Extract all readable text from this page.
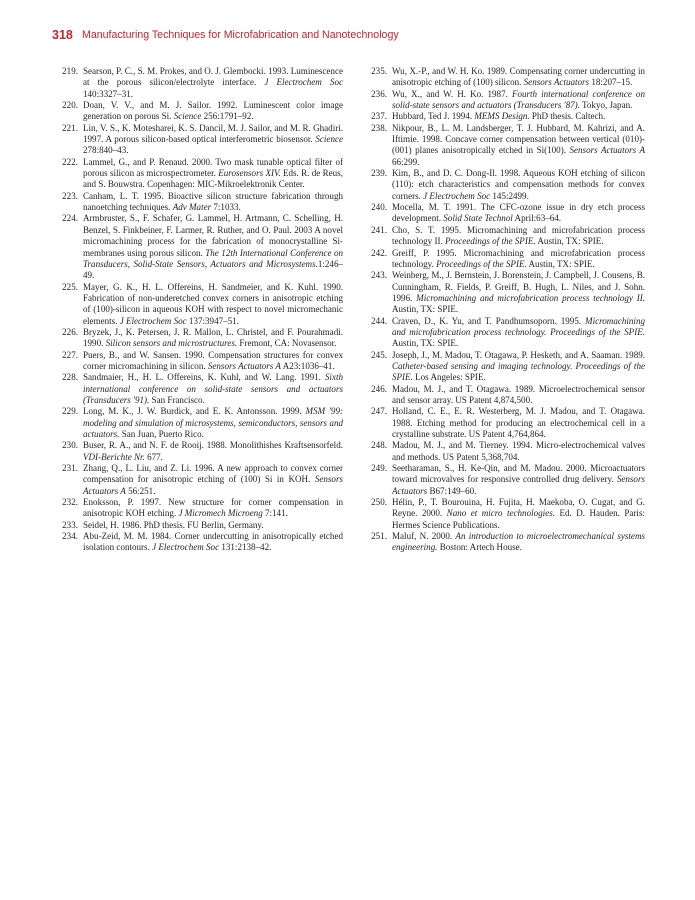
318 Manufacturing Techniques for Microfabrication and Nanotechnology
219. Searson, P. C., S. M. Prokes, and O. J. Glembocki. 1993. Luminescence at the porous silicon/electrolyte interface. J Electrochem Soc 140:3327–31.
220. Doan, V. V., and M. J. Sailor. 1992. Luminescent color image generation on porous Si. Science 256:1791–92.
221. Lin, V. S., K. Motesharei, K. S. Dancil, M. J. Sailor, and M. R. Ghadiri. 1997. A porous silicon-based optical interferometric biosensor. Science 278:840–43.
222. Lammel, G., and P. Renaud. 2000. Two mask tunable optical filter of porous silicon as microspectrometer. Eurosensors XIV. Eds. R. de Reus, and S. Bouwstra. Copenhagen: MIC-Mikroelektronik Center.
223. Canham, L. T. 1995. Bioactive silicon structure fabrication through nanoetching techniques. Adv Mater 7:1033.
224. Armbruster, S., F. Schafer, G. Lammel, H. Artmann, C. Schelling, H. Benzel, S. Finkbeiner, F. Larmer, R. Ruther, and O. Paul. 2003 A novel micromachining process for the fabrication of monocrystalline Si-membranes using porous silicon. The 12th International Conference on Transducers, Solid-State Sensors, Actuators and Microsystems.1:246–49.
225. Mayer, G. K., H. L. Offereins, H. Sandmeier, and K. Kuhl. 1990. Fabrication of non-underetched convex corners in anisotropic etching of (100)-silicon in aqueous KOH with respect to novel micromechanic elements. J Electrochem Soc 137:3947–51.
226. Bryzek, J., K. Petersen, J. R. Mallon, L. Christel, and F. Pourahmadi. 1990. Silicon sensors and microstructures. Fremont, CA: Novasensor.
227. Puers, B., and W. Sansen. 1990. Compensation structures for convex corner micromachining in silicon. Sensors Actuators A A23:1036–41.
228. Sandmaier, H., H. L. Offereins, K. Kuhl, and W. Lang. 1991. Sixth international conference on solid-state sensors and actuators (Transducers '91). San Francisco.
229. Long, M. K., J. W. Burdick, and E. K. Antonsson. 1999. MSM '99: modeling and simulation of microsystems, semiconductors, sensors and actuators. San Juan, Puerto Rico.
230. Buser, R. A., and N. F. de Rooij. 1988. Monolithishes Kraftsensorfeld. VDI-Berichte Nr. 677.
231. Zhang, Q., L. Liu, and Z. Li. 1996. A new approach to convex corner compensation for anisotropic etching of (100) Si in KOH. Sensors Actuators A 56:251.
232. Enoksson, P. 1997. New structure for corner compensation in anisotropic KOH etching. J Micromech Microeng 7:141.
233. Seidel, H. 1986. PhD thesis. FU Berlin, Germany.
234. Abu-Zeid, M. M. 1984. Corner undercutting in anisotropically etched isolation contours. J Electrochem Soc 131:2138–42.
235. Wu, X.-P., and W. H. Ko. 1989. Compensating corner undercutting in anisotropic etching of (100) silicon. Sensors Actuators 18:207–15.
236. Wu, X., and W. H. Ko. 1987. Fourth international conference on solid-state sensors and actuators (Transducers '87). Tokyo, Japan.
237. Hubbard, Ted J. 1994. MEMS Design. PhD thesis. Caltech.
238. Nikpour, B., L. M. Landsberger, T. J. Hubbard, M. Kahrizi, and A. Iftimie. 1998. Concave corner compensation between vertical (010)-(001) planes anisotropically etched in Si(100). Sensors Actuators A 66:299.
239. Kim, B., and D. C. Dong-Il. 1998. Aqueous KOH etching of silicon (110): etch characteristics and compensation methods for convex corners. J Electrochem Soc 145:2499.
240. Mocella, M. T. 1991. The CFC-ozone issue in dry etch process development. Solid State Technol April:63–64.
241. Cho, S. T. 1995. Micromachining and microfabrication process technology II. Proceedings of the SPIE. Austin, TX: SPIE.
242. Greiff, P. 1995. Micromachining and microfabrication process technology. Proceedings of the SPIE. Austin, TX: SPIE.
243. Weinberg, M., J. Bernstein, J. Borenstein, J. Campbell, J. Cousens, B. Cunningham, R. Fields, P. Greiff, B. Hugh, L. Niles, and J. Sohn. 1996. Micromachining and microfabrication process technology II. Austin, TX: SPIE.
244. Craven, D., K. Yu, and T. Pandhumsoporn. 1995. Micromachining and microfabrication process technology. Proceedings of the SPIE. Austin, TX: SPIE.
245. Joseph, J., M. Madou, T. Otagawa, P. Hesketh, and A. Saaman. 1989. Catheter-based sensing and imaging technology. Proceedings of the SPIE. Los Angeles: SPIE.
246. Madou, M. J., and T. Otagawa. 1989. Microelectrochemical sensor and sensor array. US Patent 4,874,500.
247. Holland, C. E., E. R. Westerberg, M. J. Madou, and T. Otagawa. 1988. Etching method for producing an electrochemical cell in a crystalline substrate. US Patent 4,764,864.
248. Madou, M. J., and M. Tierney. 1994. Micro-electrochemical valves and methods. US Patent 5,368,704.
249. Seetharaman, S., H. Ke-Qin, and M. Madou. 2000. Microactuators toward microvalves for responsive controlled drug delivery. Sensors Actuators B67:149–60.
250. Hélin, P., T. Bourouina, H. Fujita, H. Maekoba, O. Cugat, and G. Reyne. 2000. Nano et micro technologies. Ed. D. Hauden. Paris: Hermes Science Publications.
251. Maluf, N. 2000. An introduction to microelectromechanical systems engineering. Boston: Artech House.
